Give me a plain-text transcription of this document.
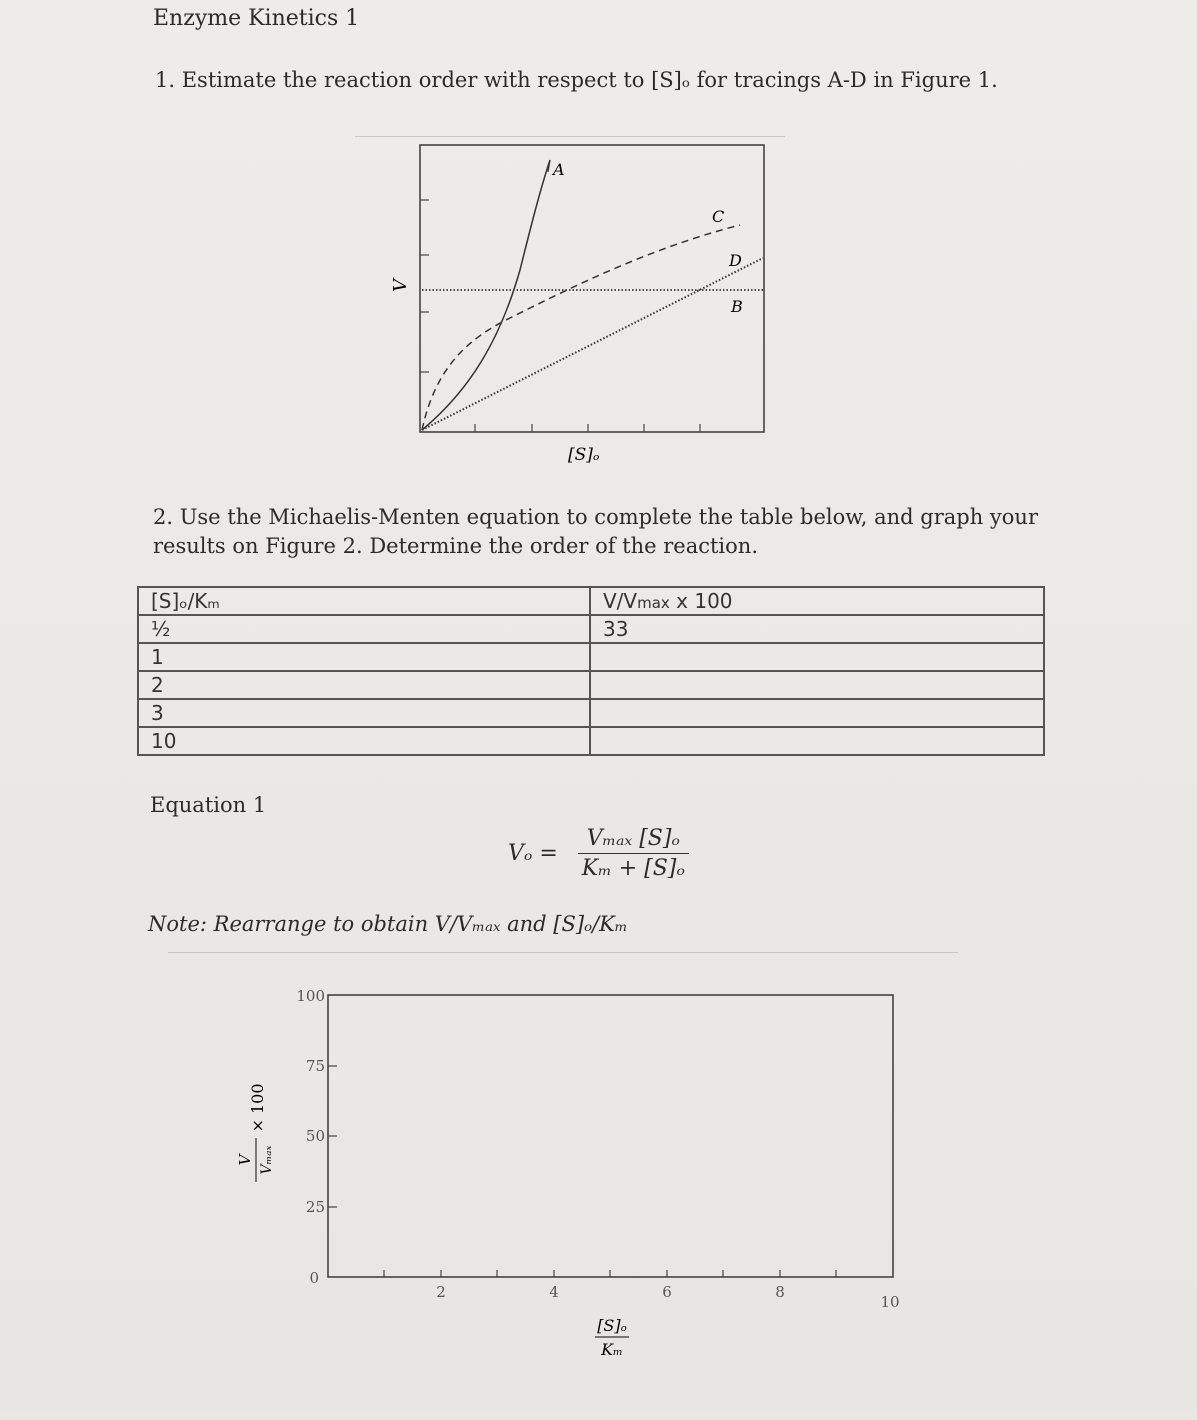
Enzyme Kinetics 1
1. Estimate the reaction order with respect to [S]ₒ for tracings A-D in Figure 1.
A
B
C
D
V
[S]ₒ
2. Use the Michaelis-Menten equation to complete the table below, and graph your
results on Figure 2. Determine the order of the reaction.
[S]ₒ/Kₘ	V/Vmax x 100
½	33
1	
2	
3	
10	
Equation 1
$V_o = \frac{\text{Vₘₐₓ [S]ₒ}}{\text{Kₘ + [S]ₒ}}$
Note: Rearrange to obtain V/Vₘₐₓ and [S]ₒ/Kₘ
100
75
50
25
0
2	4	6	8
10
[S]ₒ
Kₘ
V Vₘₐₓ
× 100
